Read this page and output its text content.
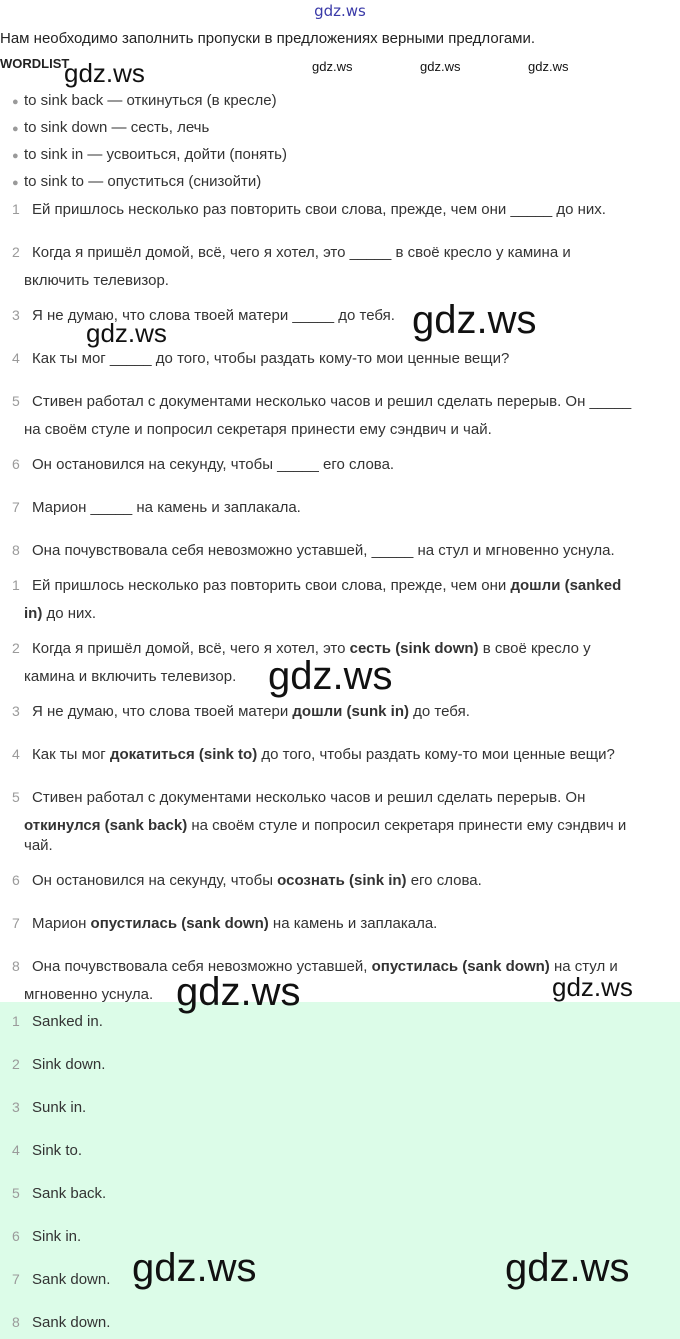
gdz.ws
Нам необходимо заполнить пропуски в предложениях верными предлогами.
WORDLIST
gdz.ws	gdz.ws	gdz.ws	gdz.ws
gdz.ws	gdz.ws
gdz.ws
gdz.ws	gdz.ws
gdz.ws	gdz.ws
● to sink back — откинуться (в кресле)
● to sink down — сесть, лечь
● to sink in — усвоиться, дойти (понять)
● to sink to — опуститься (снизойти)
1 Ей пришлось несколько раз повторить свои слова, прежде, чем они _____ до них.
2 Когда я пришёл домой, всё, чего я хотел, это _____ в своё кресло у камина и
включить телевизор.
3 Я не думаю, что слова твоей матери _____ до тебя.
4 Как ты мог _____ до того, чтобы раздать кому-то мои ценные вещи?
5 Стивен работал с документами несколько часов и решил сделать перерыв. Он _____
на своём стуле и попросил секретаря принести ему сэндвич и чай.
6 Он остановился на секунду, чтобы _____ его слова.
7 Марион _____ на камень и заплакала.
8 Она почувствовала себя невозможно уставшей, _____ на стул и мгновенно уснула.
1 Ей пришлось несколько раз повторить свои слова, прежде, чем они дошли (sanked
in) до них.
2 Когда я пришёл домой, всё, чего я хотел, это сесть (sink down) в своё кресло у
камина и включить телевизор.
3 Я не думаю, что слова твоей матери дошли (sunk in) до тебя.
4 Как ты мог докатиться (sink to) до того, чтобы раздать кому-то мои ценные вещи?
5 Стивен работал с документами несколько часов и решил сделать перерыв. Он
откинулся (sank back) на своём стуле и попросил секретаря принести ему сэндвич и
чай.
6 Он остановился на секунду, чтобы осознать (sink in) его слова.
7 Марион опустилась (sank down) на камень и заплакала.
8 Она почувствовала себя невозможно уставшей, опустилась (sank down) на стул и
мгновенно уснула.
1 Sanked in.
2 Sink down.
3 Sunk in.
4 Sink to.
5 Sank back.
6 Sink in.
7 Sank down.
8 Sank down.
